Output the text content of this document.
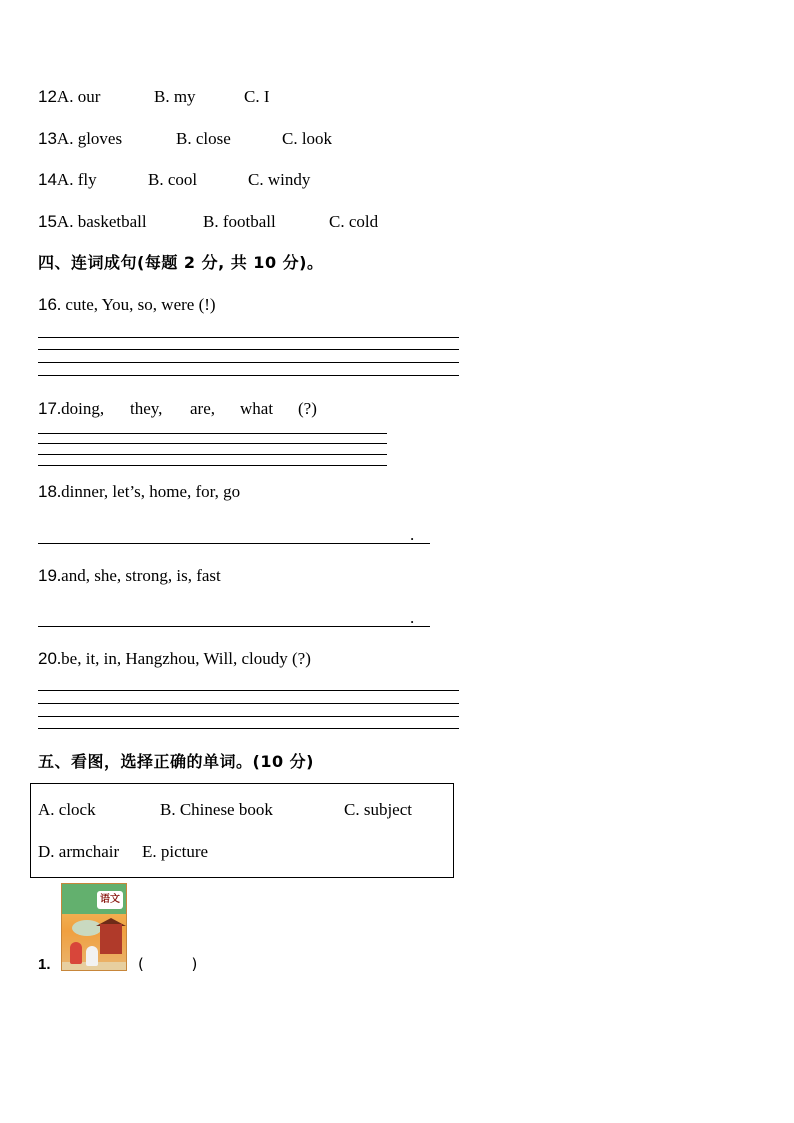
12A. our	B. my	C. I
13A. gloves	B. close	C. look
14A. fly	B. cool	C. windy
15A. basketball	B. football	C. cold
四、连词成句(每题 2 分, 共 10 分)。
16. cute, You, so, were (!)
17.doing, they, are, what (?)
18.dinner, let’s, home, for, go
.
19.and, she, strong, is, fast
.
20.be, it, in, Hangzhou, Will, cloudy (?)
五、看图，选择正确的单词。(10 分)
A. clock	B. Chinese book	C. subject
D. armchair E. picture
1.
语文
(          )
